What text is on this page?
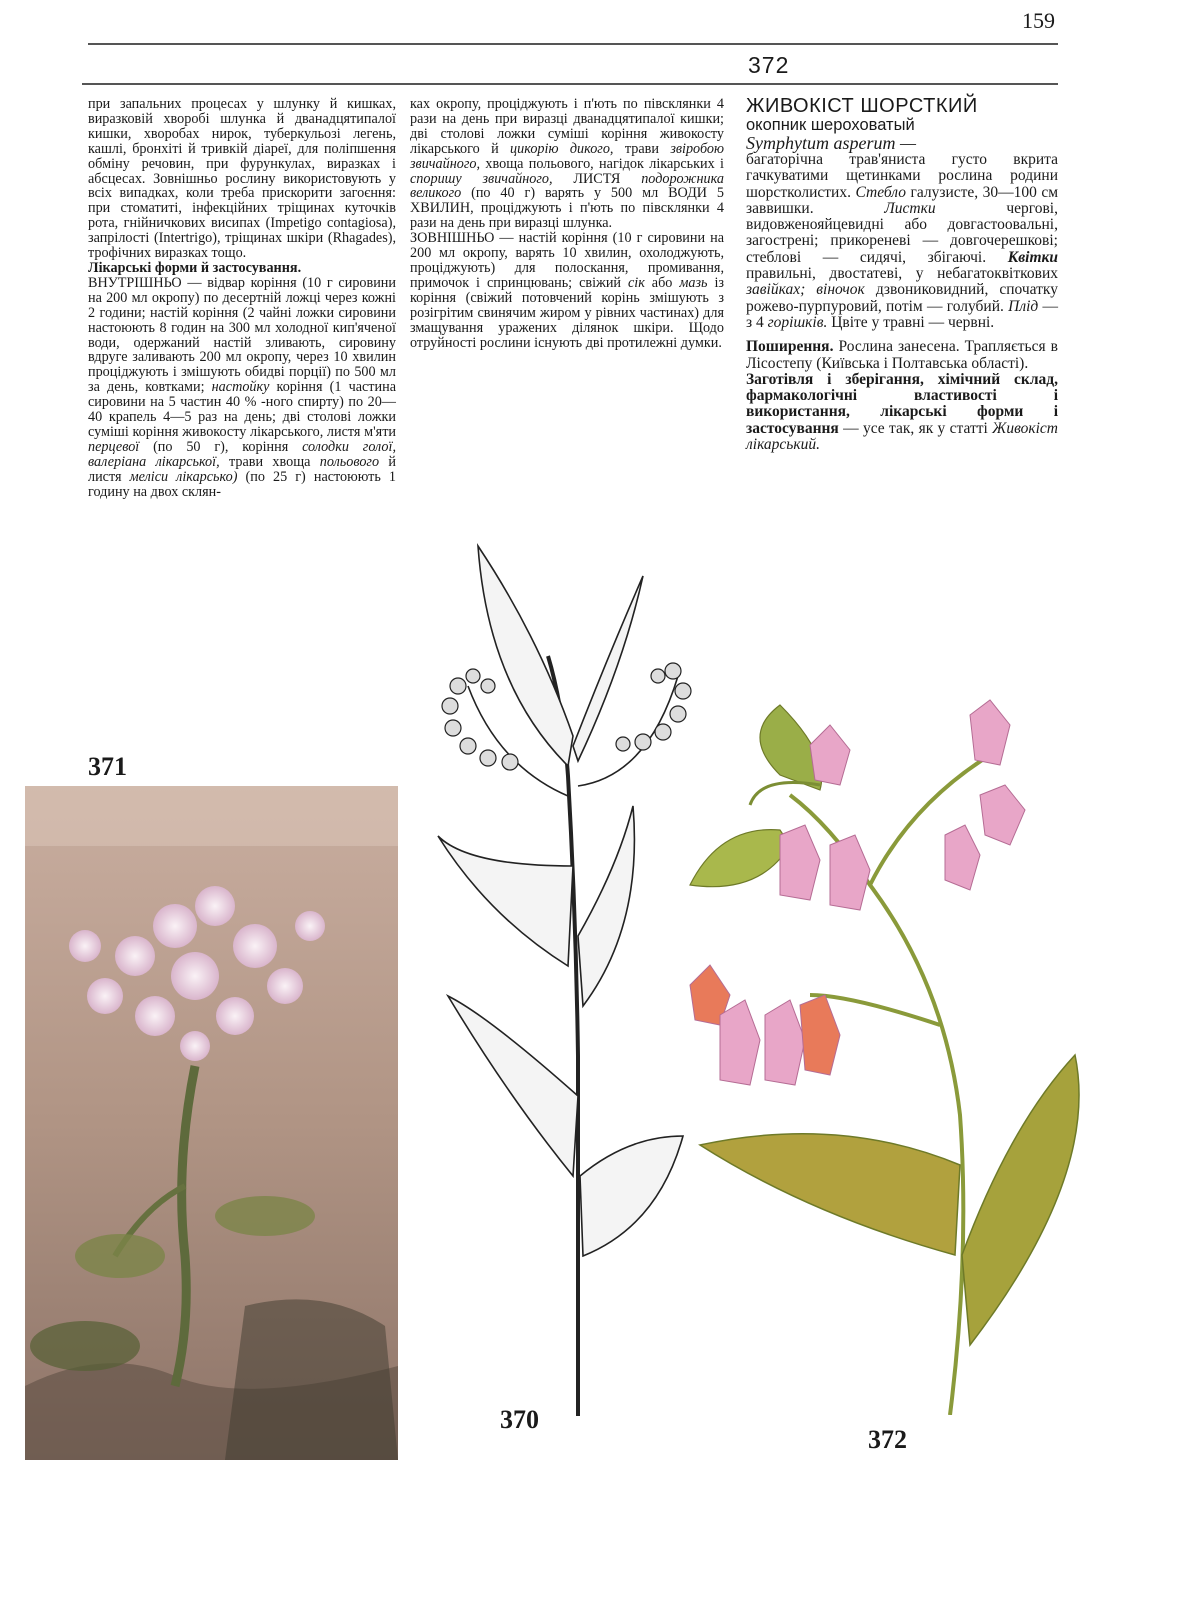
159
372

при запальних процесах у шлунку й кишках, виразковій хворобі шлунка й дванадцятипалої кишки, хворобах нирок, туберкульозі легень, кашлі, бронхіті й тривкій діареї, для поліпшення обміну речовин, при фурункулах, виразках і абсцесах. Зовнішньо рослину використовують у всіх випадках, коли треба прискорити загоєння: при стоматиті, інфекційних тріщинах куточків рота, гнійничкових висипах (Impetigo contagiosa), запрілості (Intertrigo), тріщинах шкіри (Rhagades), трофічних виразках тощо.

Лікарські форми й застосування.

ВНУТРІШНЬО — відвар коріння (10 г сировини на 200 мл окропу) по десертній ложці через кожні 2 години; настій коріння (2 чайні ложки сировини настоюють 8 годин на 300 мл холодної кип'яченої води, одержаний настій зливають, сировину вдруге заливають 200 мл окропу, через 10 хвилин проціджують і змішують обидві порції) по 500 мл за день, ковтками; настойку коріння (1 частина сировини на 5 частин 40 % -ного спирту) по 20—40 крапель 4—5 раз на день; дві столові ложки суміші коріння живокосту лікарського, листя м'яти перцевої (по 50 г), коріння солодки голої, валеріана лікарської, трави хвоща польового й листя меліси лікарсько) (по 25 г) настоюють 1 годину на двох склян-

ках окропу, проціджують і п'ють по півсклянки 4 рази на день при виразці дванадцятипалої кишки; дві столові ложки суміші коріння живокосту лікарського й цикорію дикого, трави звіробою звичайного, хвоща польового, нагідок лікарських і споришу звичайного, ЛИСТЯ подорожника великого (по 40 г) варять у 500 мл ВОДИ 5 ХВИЛИН, проціджують і п'ють по півсклянки 4 рази на день при виразці шлунка.

ЗОВНІШНЬО — настій коріння (10 г сировини на 200 мл окропу, варять 10 хвилин, охолоджують, проціджують) для полоскання, промивання, примочок і спринцювань; свіжий сік або мазь із коріння (свіжий потовчений корінь змішують з розігрітим свинячим жиром у рівних частинах) для змащування уражених ділянок шкіри. Щодо отруйності рослини існують дві протилежні думки.

ЖИВОКІСТ ШОРСТКИЙ
окопник шероховатый
Symphytum asperum —

багаторічна трав'яниста густо вкрита гачкуватими щетинками рослина родини шорстколистих. Стебло галузисте, 30—100 см заввишки. Листки чергові, видовженояйцевидні або довгастоовальні, загострені; прикореневі — довгочерешкові; стеблові — сидячі, збігаючі. Квітки правильні, двостатеві, у небагатоквіткових завійках; віночок дзвониковидний, спочатку рожево-пурпуровий, потім — голубий. Плід — з 4 горішків. Цвіте у травні — червні.

Поширення. Рослина занесена. Трапляється в Лісостепу (Київська і Полтавська області).

Заготівля і зберігання, хімічний склад, фармакологічні властивості і використання, лікарські форми і застосування — усе так, як у статті Живокіст лікарський.

371
370
372
